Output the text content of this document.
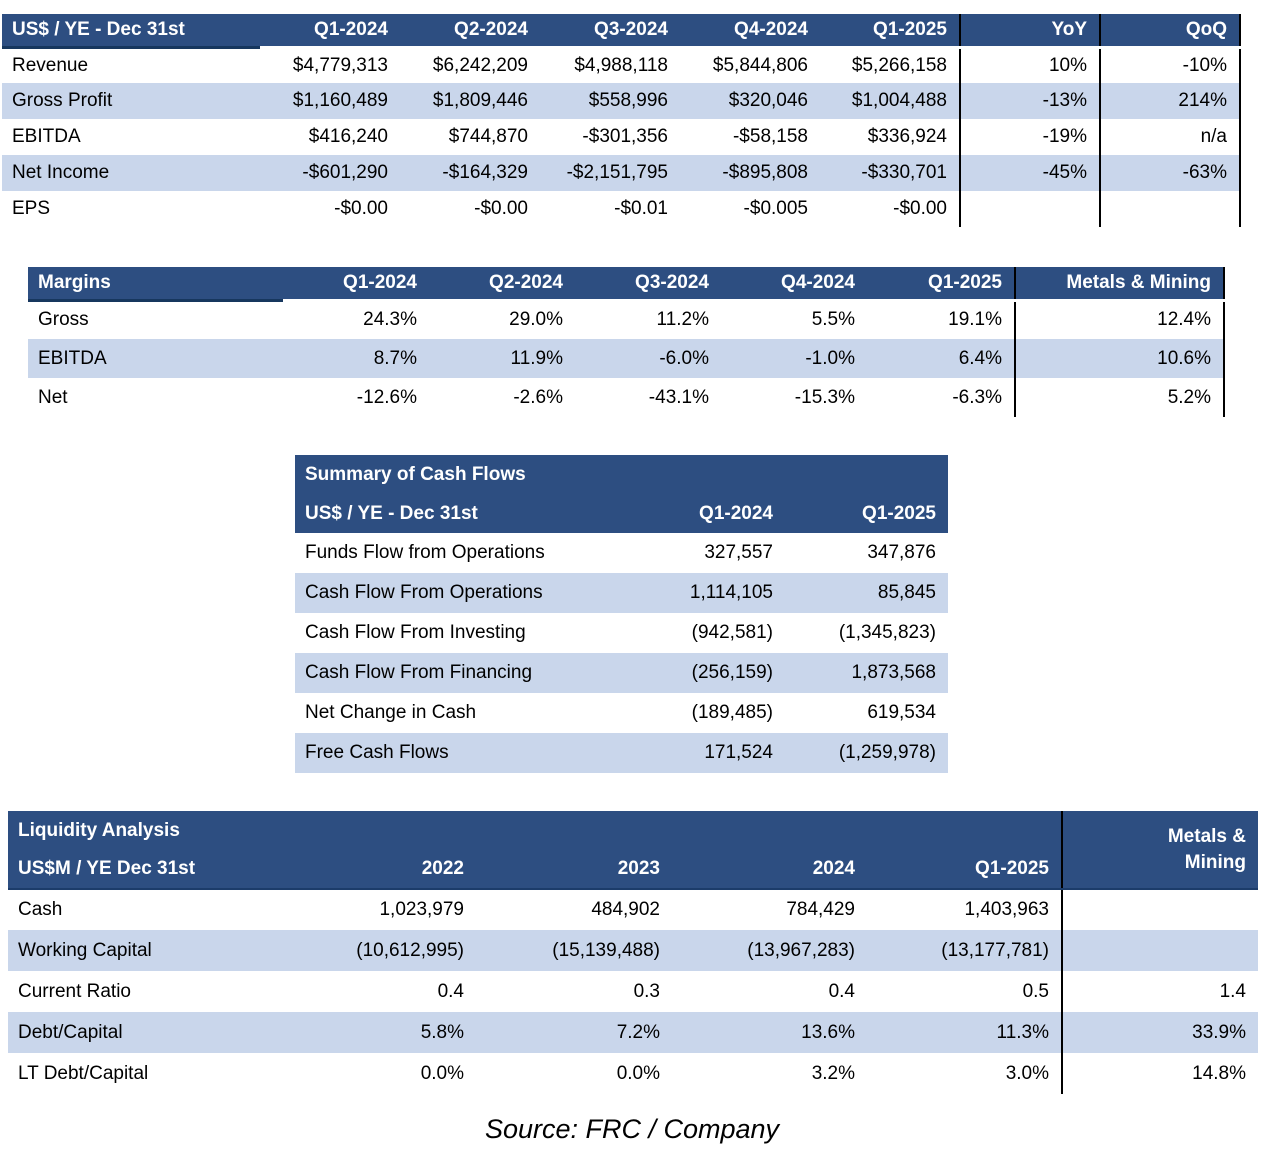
US$ / YE - Dec 31st	Q1-2024	Q2-2024	Q3-2024	Q4-2024	Q1-2025	YoY	QoQ
Revenue	$4,779,313	$6,242,209	$4,988,118	$5,844,806	$5,266,158	10%	-10%
Gross Profit	$1,160,489	$1,809,446	$558,996	$320,046	$1,004,488	-13%	214%
EBITDA	$416,240	$744,870	-$301,356	-$58,158	$336,924	-19%	n/a
Net Income	-$601,290	-$164,329	-$2,151,795	-$895,808	-$330,701	-45%	-63%
EPS	-$0.00	-$0.00	-$0.01	-$0.005	-$0.00		
Margins	Q1-2024	Q2-2024	Q3-2024	Q4-2024	Q1-2025	Metals & Mining
Gross	24.3%	29.0%	11.2%	5.5%	19.1%	12.4%
EBITDA	8.7%	11.9%	-6.0%	-1.0%	6.4%	10.6%
Net	-12.6%	-2.6%	-43.1%	-15.3%	-6.3%	5.2%
Summary of Cash Flows		
US$ / YE - Dec 31st	Q1-2024	Q1-2025
Funds Flow from Operations	327,557	347,876
Cash Flow From Operations	1,114,105	85,845
Cash Flow From Investing	(942,581)	(1,345,823)
Cash Flow From Financing	(256,159)	1,873,568
Net Change in Cash	(189,485)	619,534
Free Cash Flows	171,524	(1,259,978)
Liquidity Analysis					Metals & Mining
US$M / YE Dec 31st	2022	2023	2024	Q1-2025	
Cash	1,023,979	484,902	784,429	1,403,963	
Working Capital	(10,612,995)	(15,139,488)	(13,967,283)	(13,177,781)	
Current Ratio	0.4	0.3	0.4	0.5	1.4
Debt/Capital	5.8%	7.2%	13.6%	11.3%	33.9%
LT Debt/Capital	0.0%	0.0%	3.2%	3.0%	14.8%
Source: FRC / Company
